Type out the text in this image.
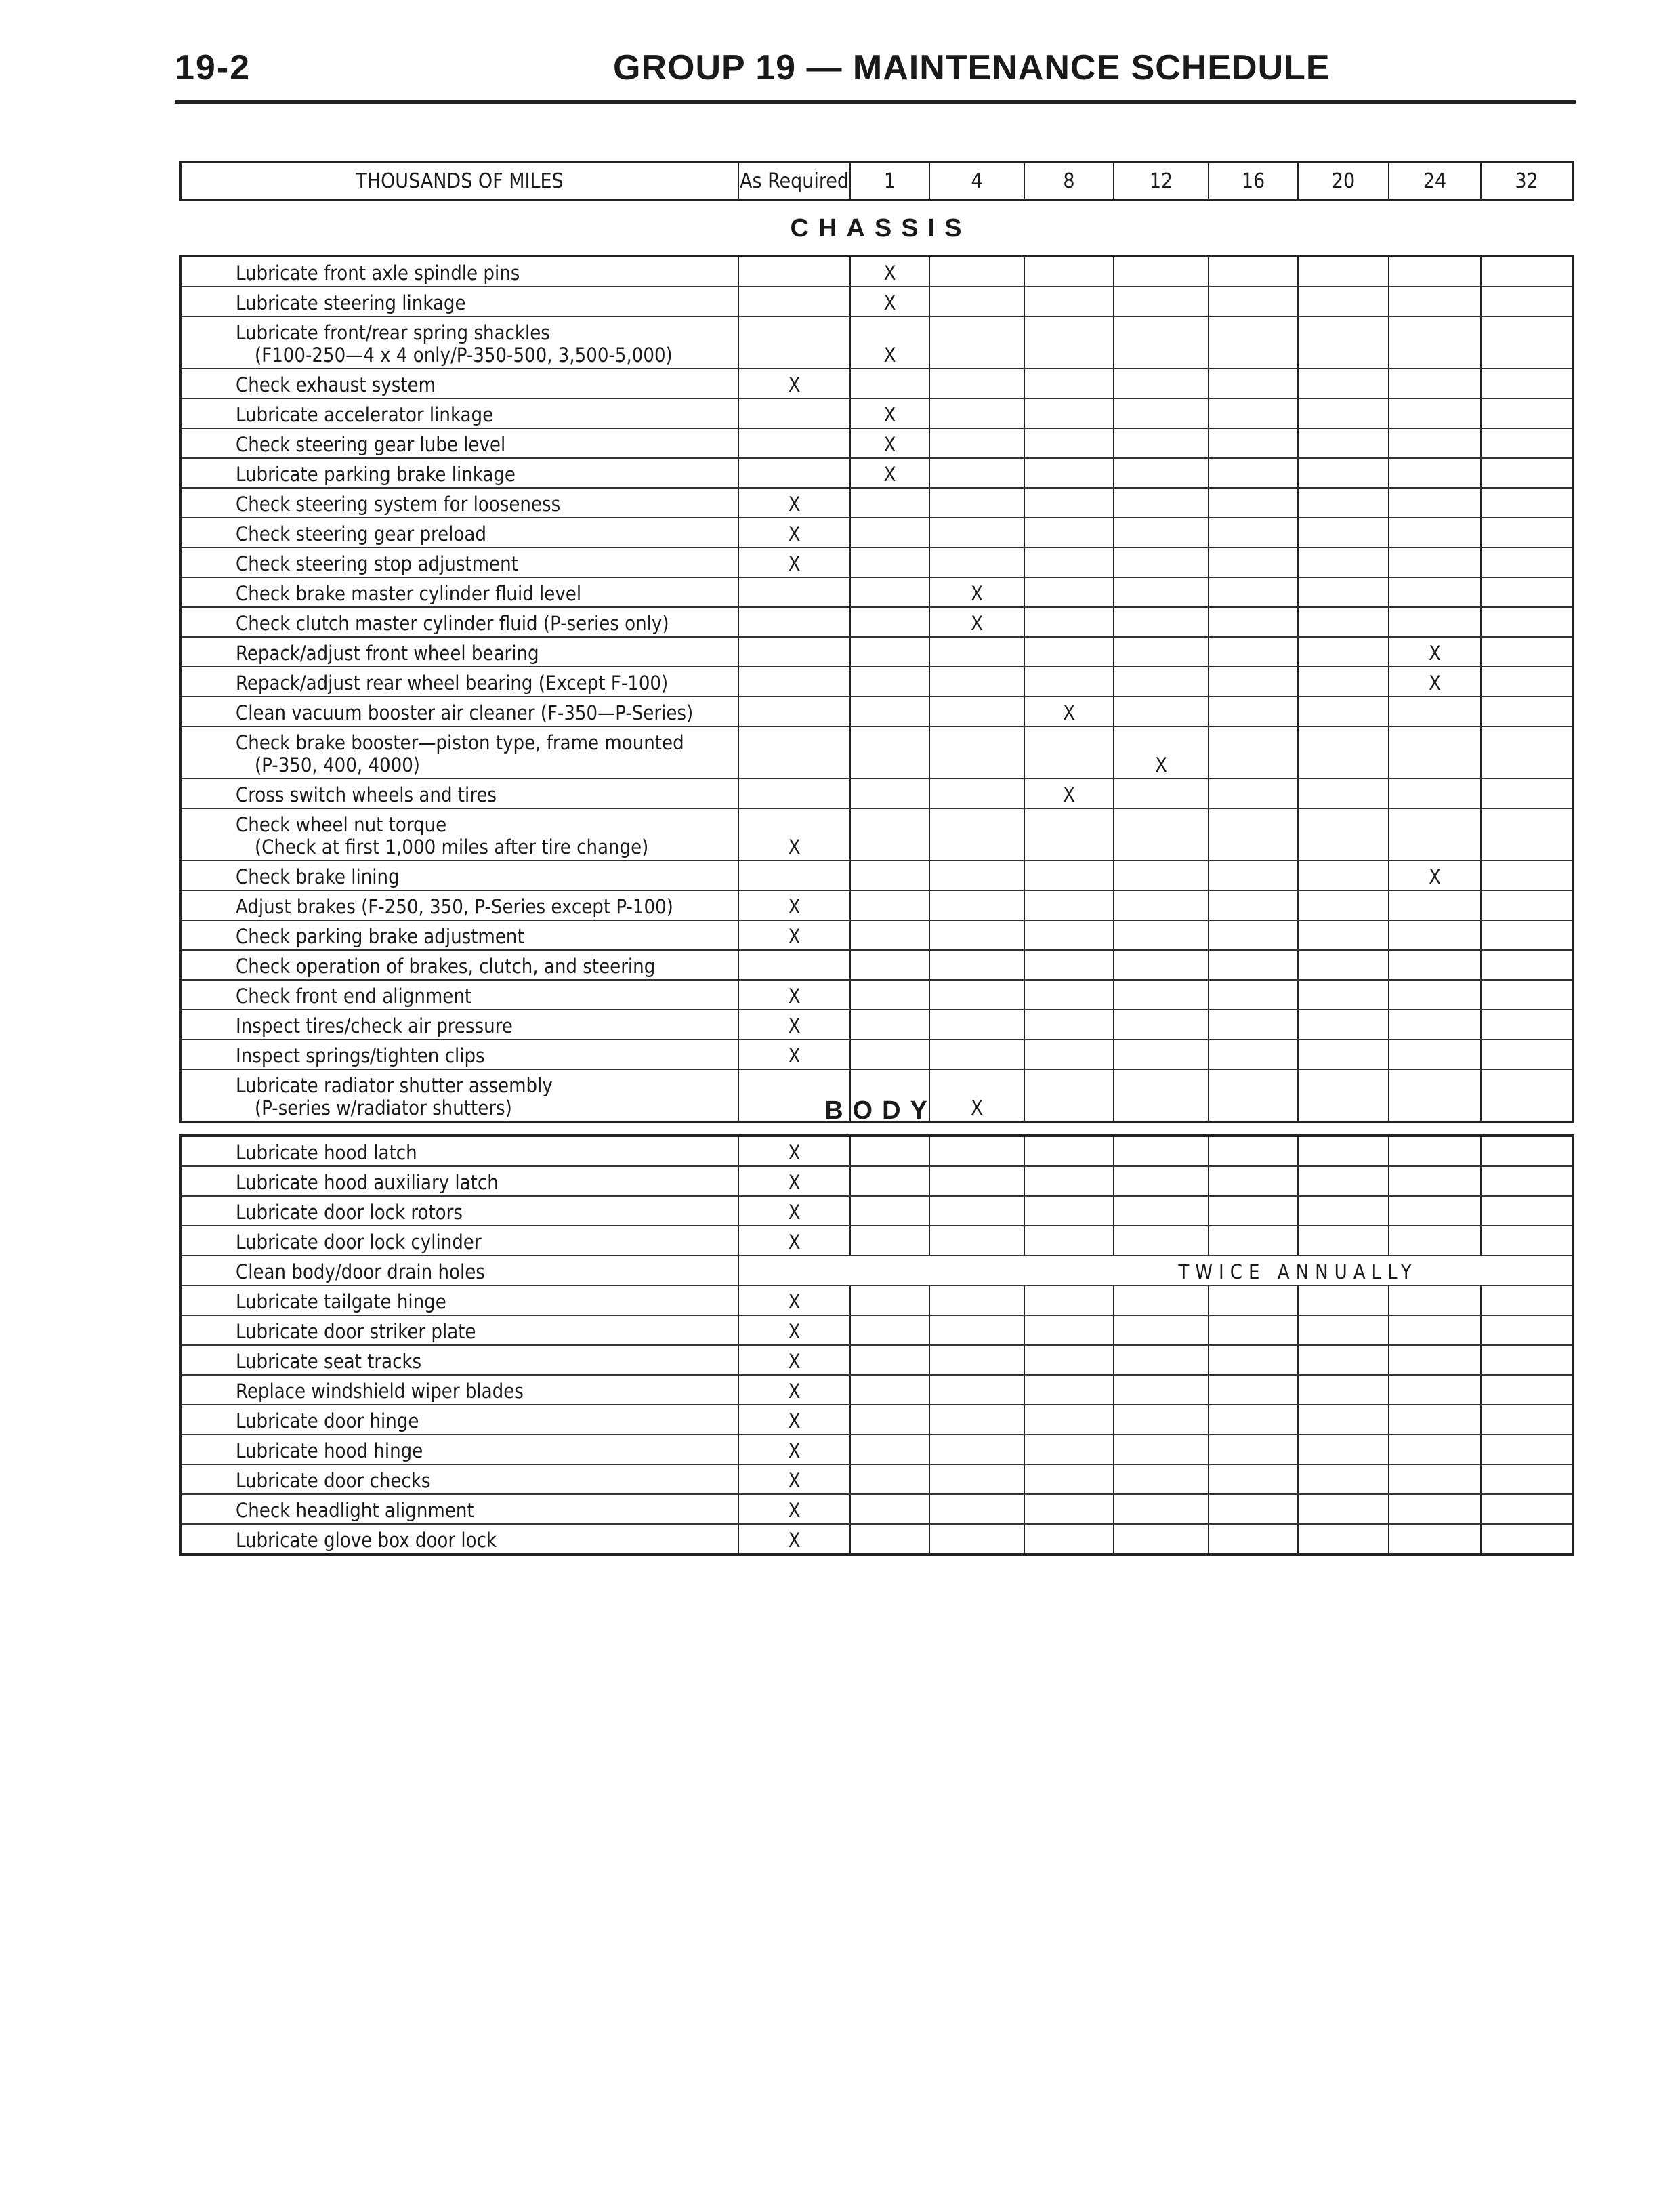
19-2	GROUP 19 — MAINTENANCE SCHEDULE
THOUSANDS OF MILES	As Required	1	4	8	12	16	20	24	32
CHASSIS
Lubricate front axle spindle pins		X							

Lubricate steering linkage		X							

Lubricate front/rear spring shackles
(F100-250—4 x 4 only/P-350-500, 3,500-5,000)		X							

Check exhaust system	X								

Lubricate accelerator linkage		X							

Check steering gear lube level		X							

Lubricate parking brake linkage		X							

Check steering system for looseness	X								

Check steering gear preload	X								

Check steering stop adjustment	X								

Check brake master cylinder fluid level			X						

Check clutch master cylinder fluid (P-series only)			X						

Repack/adjust front wheel bearing								X	

Repack/adjust rear wheel bearing (Except F-100)								X	

Clean vacuum booster air cleaner (F-350—P-Series)				X					

Check brake booster—piston type, frame mounted
(P-350, 400, 4000)					X				

Cross switch wheels and tires				X					

Check wheel nut torque
(Check at first 1,000 miles after tire change)	X								

Check brake lining								X	

Adjust brakes (F-250, 350, P-Series except P-100)	X								

Check parking brake adjustment	X								

Check operation of brakes, clutch, and steering									

Check front end alignment	X								

Inspect tires/check air pressure	X								

Inspect springs/tighten clips	X								

Lubricate radiator shutter assembly
(P-series w/radiator shutters)			X						
BODY
Lubricate hood latch	X								

Lubricate hood auxiliary latch	X								

Lubricate door lock rotors	X								

Lubricate door lock cylinder	X								

Clean body/door drain holes				TWICE ANNUALLY					

Lubricate tailgate hinge	X								

Lubricate door striker plate	X								

Lubricate seat tracks	X								

Replace windshield wiper blades	X								

Lubricate door hinge	X								

Lubricate hood hinge	X								

Lubricate door checks	X								

Check headlight alignment	X								

Lubricate glove box door lock	X								
